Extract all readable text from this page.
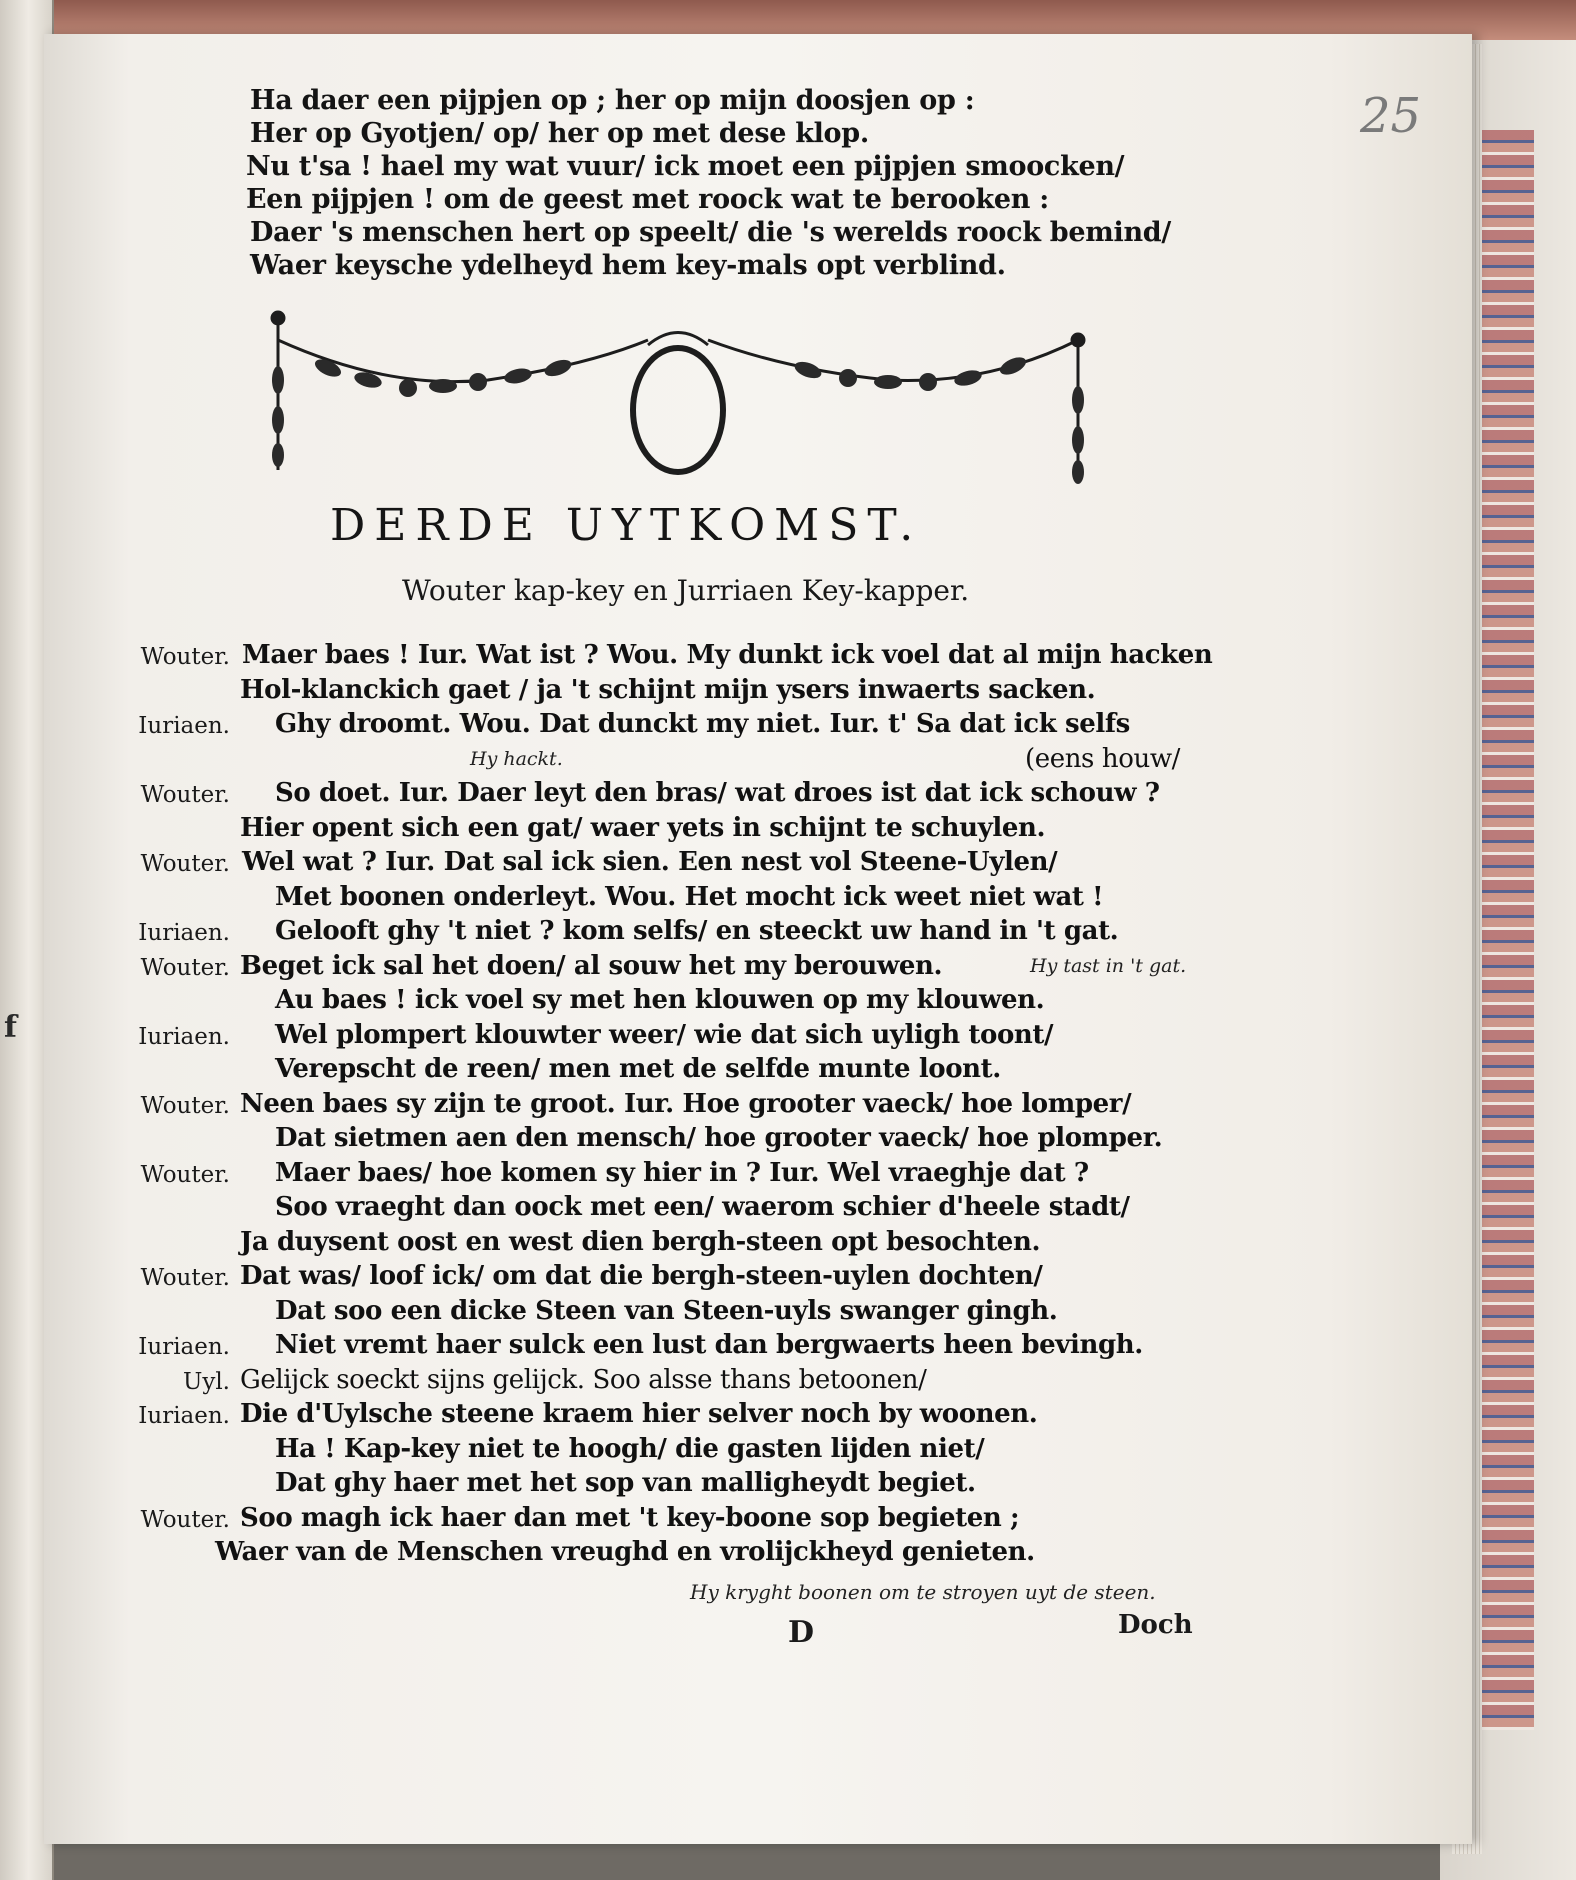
f
25
Ha daer een pijpjen op ; her op mijn doosjen op :
Her op Gyotjen/ op/ her op met dese klop.
Nu t'sa ! hael my wat vuur/ ick moet een pijpjen smoocken/
Een pijpjen ! om de geest met roock wat te berooken :
Daer 's menschen hert op speelt/ die 's werelds roock bemind/
Waer keysche ydelheyd hem key-mals opt verblind.
DERDE UYTKOMST.
Wouter kap-key en Jurriaen Key-kapper.
Wouter. Maer baes ! Iur. Wat ist ? Wou. My dunkt ick voel dat al mijn hacken
Hol-klanckich gaet / ja 't schijnt mijn ysers inwaerts sacken.
Iuriaen. Ghy droomt. Wou. Dat dunckt my niet. Iur. t' Sa dat ick selfs
Hy hackt.	(eens houw/
Wouter. So doet. Iur. Daer leyt den bras/ wat droes ist dat ick schouw ?
Hier opent sich een gat/ waer yets in schijnt te schuylen.
Wouter. Wel wat ? Iur. Dat sal ick sien. Een nest vol Steene-Uylen/
Met boonen onderleyt. Wou. Het mocht ick weet niet wat !
Iuriaen. Gelooft ghy 't niet ? kom selfs/ en steeckt uw hand in 't gat.
Wouter. Beget ick sal het doen/ al souw het my berouwen.	Hy tast in 't gat.
Au baes ! ick voel sy met hen klouwen op my klouwen.
Iuriaen. Wel plompert klouwter weer/ wie dat sich uyligh toont/
Verepscht de reen/ men met de selfde munte loont.
Wouter. Neen baes sy zijn te groot. Iur. Hoe grooter vaeck/ hoe lomper/
Dat sietmen aen den mensch/ hoe grooter vaeck/ hoe plomper.
Wouter. Maer baes/ hoe komen sy hier in ? Iur. Wel vraeghje dat ?
Soo vraeght dan oock met een/ waerom schier d'heele stadt/
Ja duysent oost en west dien bergh-steen opt besochten.
Wouter. Dat was/ loof ick/ om dat die bergh-steen-uylen dochten/
Dat soo een dicke Steen van Steen-uyls swanger gingh.
Iuriaen. Niet vremt haer sulck een lust dan bergwaerts heen bevingh.
Uyl. Gelijck soeckt sijns gelijck. Soo alsse thans betoonen/
Iuriaen. Die d'Uylsche steene kraem hier selver noch by woonen.
Ha ! Kap-key niet te hoogh/ die gasten lijden niet/
Dat ghy haer met het sop van malligheydt begiet.
Wouter. Soo magh ick haer dan met 't key-boone sop begieten ;
Waer van de Menschen vreughd en vrolijckheyd genieten.
Hy kryght boonen om te stroyen uyt de steen.
D	Doch
